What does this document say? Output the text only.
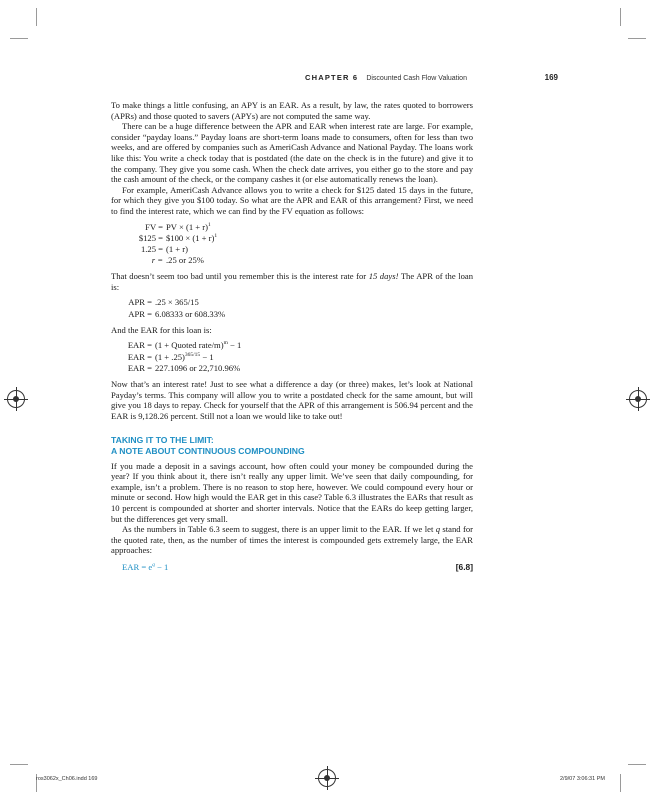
CHAPTER 6 Discounted Cash Flow Valuation	169

To make things a little confusing, an APY is an EAR. As a result, by law, the rates quoted to borrowers (APRs) and those quoted to savers (APYs) are not computed the same way.

There can be a huge difference between the APR and EAR when interest rate are large. For example, consider “payday loans.” Payday loans are short-term loans made to consumers, often for less than two weeks, and are offered by companies such as AmeriCash Advance and National Payday. The loans work like this: You write a check today that is postdated (the date on the check is in the future) and give it to the company. They give you some cash. When the check date arrives, you either go to the store and pay the cash amount of the check, or the company cashes it (or else automatically renews the loan).

For example, AmeriCash Advance allows you to write a check for $125 dated 15 days in the future, for which they give you $100 today. So what are the APR and EAR of this arrangement? First, we need to find the interest rate, which we can find by the FV equation as follows:

FV = PV × $(1 + r)^1$
$125 = $100 × $(1 + r)^1$
1.25 = (1 + r)
r = .25 or 25%

That doesn’t seem too bad until you remember this is the interest rate for 15 days! The APR of the loan is:

APR = .25 × 365/15
APR = 6.08333 or 608.33%

And the EAR for this loan is:

EAR = (1 + Quoted rate/m)$^m$ − 1
EAR = $(1 + .25)^{365/15} - 1$
EAR = 227.1096 or 22,710.96%

Now that’s an interest rate! Just to see what a difference a day (or three) makes, let’s look at National Payday’s terms. This company will allow you to write a postdated check for the same amount, but will give you 18 days to repay. Check for yourself that the APR of this arrangement is 506.94 percent and the EAR is 9,128.26 percent. Still not a loan we would like to take out!

TAKING IT TO THE LIMIT:
A NOTE ABOUT CONTINUOUS COMPOUNDING

If you made a deposit in a savings account, how often could your money be compounded during the year? If you think about it, there isn’t really any upper limit. We’ve seen that daily compounding, for example, isn’t a problem. There is no reason to stop here, however. We could compound every hour or minute or second. How high would the EAR get in this case? Table 6.3 illustrates the EARs that result as 10 percent is compounded at shorter and shorter intervals. Notice that the EARs do keep getting larger, but the differences get very small.

As the numbers in Table 6.3 seem to suggest, there is an upper limit to the EAR. If we let q stand for the quoted rate, then, as the number of times the interest is compounded gets extremely large, the EAR approaches:

EAR = $e^q - 1$	[6.8]
ros3062x_Ch06.indd 169	2/9/07 3:06:31 PM
